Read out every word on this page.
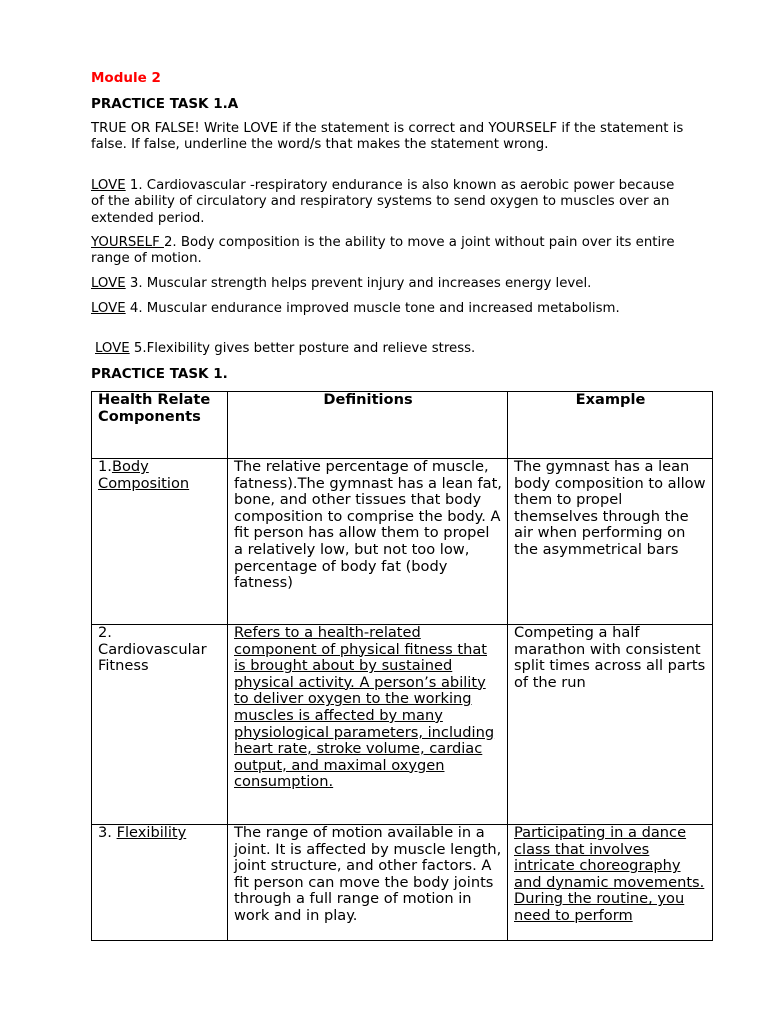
Module 2
PRACTICE TASK 1.A
TRUE OR FALSE! Write LOVE if the statement is correct and YOURSELF if the statement is false. If false, underline the word/s that makes the statement wrong.
LOVE 1. Cardiovascular -respiratory endurance is also known as aerobic power because of the ability of circulatory and respiratory systems to send oxygen to muscles over an extended period.
YOURSELF 2. Body composition is the ability to move a joint without pain over its entire range of motion.
LOVE 3. Muscular strength helps prevent injury and increases energy level.
LOVE 4. Muscular endurance improved muscle tone and increased metabolism.
LOVE 5.Flexibility gives better posture and relieve stress.
PRACTICE TASK 1.
Health Relate Components	Definitions	Example
1.Body Composition	The relative percentage of muscle, fatness).The gymnast has a lean fat, bone, and other tissues that body composition to comprise the body. A fit person has allow them to propel a relatively low, but not too low, percentage of body fat (body fatness)	The gymnast has a lean body composition to allow them to propel themselves through the air when performing on the asymmetrical bars
2.
Cardiovascular Fitness	Refers to a health-related component of physical fitness that is brought about by sustained physical activity. A person’s ability to deliver oxygen to the working muscles is affected by many physiological parameters, including heart rate, stroke volume, cardiac output, and maximal oxygen consumption.	Competing a half marathon with consistent split times across all parts of the run
3. Flexibility	The range of motion available in a joint. It is affected by muscle length, joint structure, and other factors. A fit person can move the body joints through a full range of motion in work and in play.	Participating in a dance class that involves intricate choreography and dynamic movements. During the routine, you need to perform
